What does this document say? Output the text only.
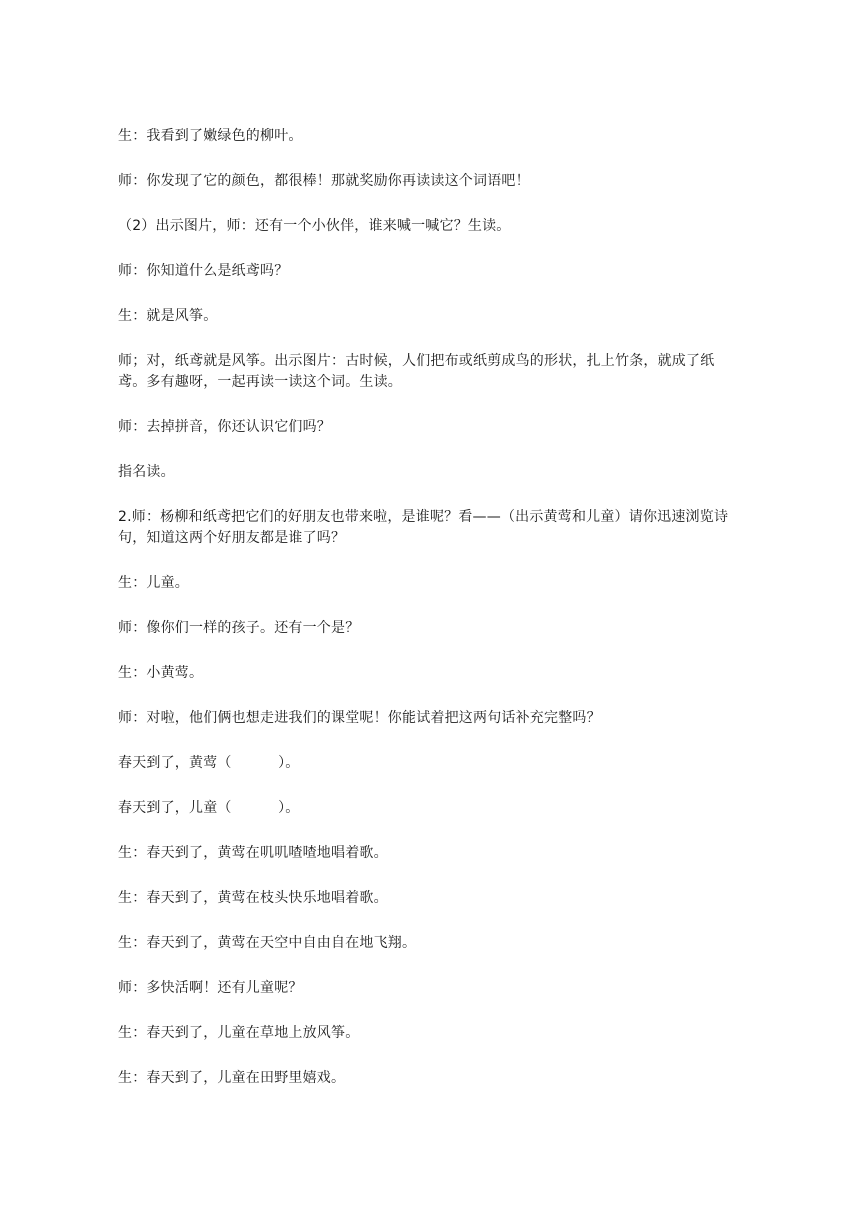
生：我看到了嫩绿色的柳叶。

师：你发现了它的颜色，都很棒！那就奖励你再读读这个词语吧！

（2）出示图片，师：还有一个小伙伴，谁来喊一喊它？生读。

师：你知道什么是纸鸢吗？

生：就是风筝。

师；对，纸鸢就是风筝。出示图片：古时候，人们把布或纸剪成鸟的形状，扎上竹条，就成了纸鸢。多有趣呀，一起再读一读这个词。生读。

师：去掉拼音，你还认识它们吗？

指名读。

2.师：杨柳和纸鸢把它们的好朋友也带来啦，是谁呢？看——（出示黄莺和儿童）请你迅速浏览诗句，知道这两个好朋友都是谁了吗？

生：儿童。

师：像你们一样的孩子。还有一个是？

生：小黄莺。

师：对啦，他们俩也想走进我们的课堂呢！你能试着把这两句话补充完整吗？

春天到了，黄莺（          ）。

春天到了，儿童（          ）。

生：春天到了，黄莺在叽叽喳喳地唱着歌。

生：春天到了，黄莺在枝头快乐地唱着歌。

生：春天到了，黄莺在天空中自由自在地飞翔。

师：多快活啊！还有儿童呢？

生：春天到了，儿童在草地上放风筝。

生：春天到了，儿童在田野里嬉戏。
